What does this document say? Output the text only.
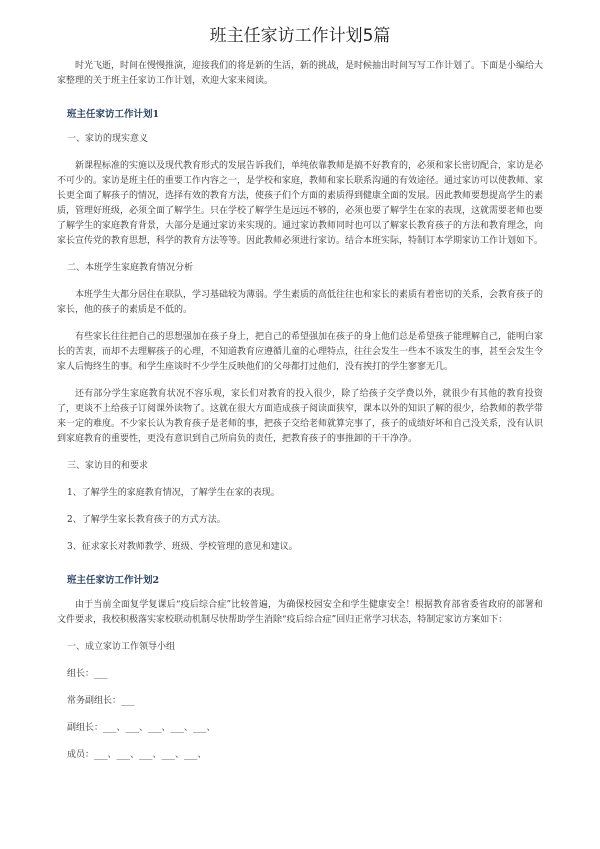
班主任家访工作计划5篇

时光飞逝，时间在慢慢推演，迎接我们的将是新的生活，新的挑战，是时候抽出时间写写工作计划了。下面是小编给大家整理的关于班主任家访工作计划，欢迎大家来阅读。

班主任家访工作计划1

一、家访的现实意义

新课程标准的实施以及现代教育形式的发展告诉我们，单纯依靠教师是搞不好教育的，必须和家长密切配合，家访是必不可少的。家访是班主任的重要工作内容之一，是学校和家庭，教师和家长联系沟通的有效途径。通过家访可以使教师、家长更全面了解孩子的情况，选择有效的教育方法，使孩子们个方面的素质得到健康全面的发展。因此教师要想提高学生的素质，管理好班级，必须全面了解学生。只在学校了解学生是远远不够的，必须也要了解学生在家的表现，这就需要老师也要了解学生的家庭教育背景，大部分是通过家访来实现的。通过家访教师同时也可以了解家长教育孩子的方法和教育理念，向家长宣传党的教育思想，科学的教育方法等等。因此教师必须进行家访。结合本班实际，特制订本学期家访工作计划如下。

二、本班学生家庭教育情况分析

本班学生大都分居住在联队，学习基础较为薄弱。学生素质的高低往往也和家长的素质有着密切的关系，会教育孩子的家长，他的孩子的素质是不低的。

有些家长往往把自己的思想强加在孩子身上，把自己的希望强加在孩子的身上他们总是希望孩子能理解自己，能明白家长的苦衷，而却不去理解孩子的心理，不知道教育应遵循儿童的心理特点，往往会发生一些本不该发生的事，甚至会发生令家人后悔终生的事。和学生座谈时不少学生反映他们的父母都打过他们，没有挨打的学生寥寥无几。

还有部分学生家庭教育状况不容乐观，家长们对教育的投入很少，除了给孩子交学费以外，就很少有其他的教育投资了，更谈不上给孩子订阅课外读物了。这就在很大方面造成孩子阅读面狭窄，课本以外的知识了解的很少，给教师的教学带来一定的难度。不少家长认为教育孩子是老师的事，把孩子交给老师就算完事了，孩子的成绩好坏和自己没关系，没有认识到家庭教育的重要性，更没有意识到自己所肩负的责任，把教育孩子的事推卸的干干净净。

三、家访目的和要求

1、了解学生的家庭教育情况，了解学生在家的表现。

2、了解学生家长教育孩子的方式方法。

3、征求家长对教师教学、班级、学校管理的意见和建议。

班主任家访工作计划2

由于当前全面复学复课后“疫后综合症”比较普遍，为确保校园安全和学生健康安全！根据教育部省委省政府的部署和文件要求，我校积极落实家校联动机制尽快帮助学生消除“疫后综合症”回归正常学习状态，特制定家访方案如下：

一、成立家访工作领导小组

组长：___

常务副组长：___

副组长：___、___、___、___、___、

成员：___、___、___、___、___、
